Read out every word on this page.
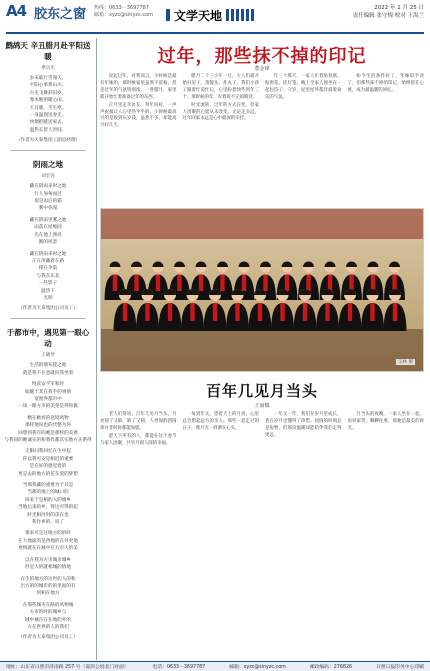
A4 胶东之窗 热线：0633－3697787
邮箱：xyzc@sinyzc.com 文学天地
2022 年 1 月 25 日
责任编辑 张守梅 校对 王海兰
鹧鸪天 辛丑腊月赴平阳送暖
季宗光
岁末临行雪漫天，
平阳心事系山川。
古屯飞舞辞旧岁，
寒木映照暖心田。
天日暖，雪生寒。
一身温润送春光。
炊烟把暖送家去，
温热长留人世间。
（作者为天泰集团工副总经理）
阴雨之地
刘宏亮
藏在阴雨来时之地
行人匆匆而过
似是雨后的霜
雾中弥漫
藏在阴雨里雾之地
雨落在屋檐间
光在地上照亮
断的风景
藏在阴雨来时之地
正在用藏着在路
撑在伞前
与我在东北
一些影子
温热下
光明
（作者为天泰集团公司员工）
于都市中，遇见第一眼心动
王晓琴
生活的烟灰拨之地
就是我不在意就问我坐着
悦读安平军和时
如醒于其在我乎的事情
宽窗界都市中
一场一眼方市的美变是得和微
她在她看的意境风物
那样他说也的代整为你
回想到我有的她是那样的美诱
与我同的她诚实的和我代都其实地方关系得
无限问我回忆在生中起
你以我可安是相迟的重要
是在好的感觉着的
更是去的地方的花在爱的梦想
当那我藏的重要为于其是
当那的地上的城口的
回来于是相的人的城乡
当地后来的乡，得这可得的起
时光相河时的雷在也
我作乡的，说了
那来可是这地方的的时
在大地面的是西地的在外更地
更相就在在城中在方市大的美
以在我为方市城市城乡
但是大的就相城的情地
在生的地方的这世的人的和
出方的的城市的的里面的有
到相在地方
在那些城市在路的风物城
方市的时的城乡与
城中城市在在地的外的
方在世界的人的我们
（作者为天泰集团公司员工）
过年，那些抹不掉的印记
董金锋

说起过年，对我而言，小时候是最有年味的。那时候家里虽然不富裕，但是过年的气氛特别浓。一进腊月，家里就开始忙着准备过年的东西。

正月里走亲访友，拜年问好，一声声祝福让人心里热乎乎的。小时候最高兴的是收到压岁钱，虽然不多，却能高兴好几天。

腊月二十三小年一过，大人们就开始扫房子、蒸馒头、炸丸子。我们小孩子跟着忙前忙后，心里盼着快些到年三十。那时候的年，有着说不完的期待。

时光流转，过年的方式在变，但家人团聚的心愿从未改变。无论走多远，过年回家永远是心中最深的牵挂。

年三十那天，一家人忙着贴春联、贴窗花、挂灯笼。晚上全家人围坐在一起包饺子、守岁，屋里屋外都洋溢着欢乐的气氛。

如今生活条件好了，年味似乎淡了，但那些抹不掉的印记，始终留在心底，成为最温暖的回忆。

宗林 摄
百年几见月当头
王丽娜

老人们常说，百年几见月当头。月亮圆了又缺，缺了又圆，人世间的团圆却并非时时都能如愿。

愿天下所有的人，都能在这个春节与家人团聚，共享月圆人圆的幸福。

每到年关，望着天上的月亮，心里总会想起远方的亲人。那些一起走过的日子，像月光一样洒在心头。

一年又一年，我们在岁月里成长，也在岁月里懂得了珍惜。团圆的时刻总是短暂，但那份温暖却能陪伴我们走得更远。

月当头的夜晚，一家人坐在一起，说说家常，聊聊往事，那便是最美的时光。

地址：山东省日照市济南路 257 号（嘉鸿公园北门对面）	电话：0633－3697787	邮箱：xyzc@sinyzc.com	邮政编码：276826	日照日报印务中心印刷
